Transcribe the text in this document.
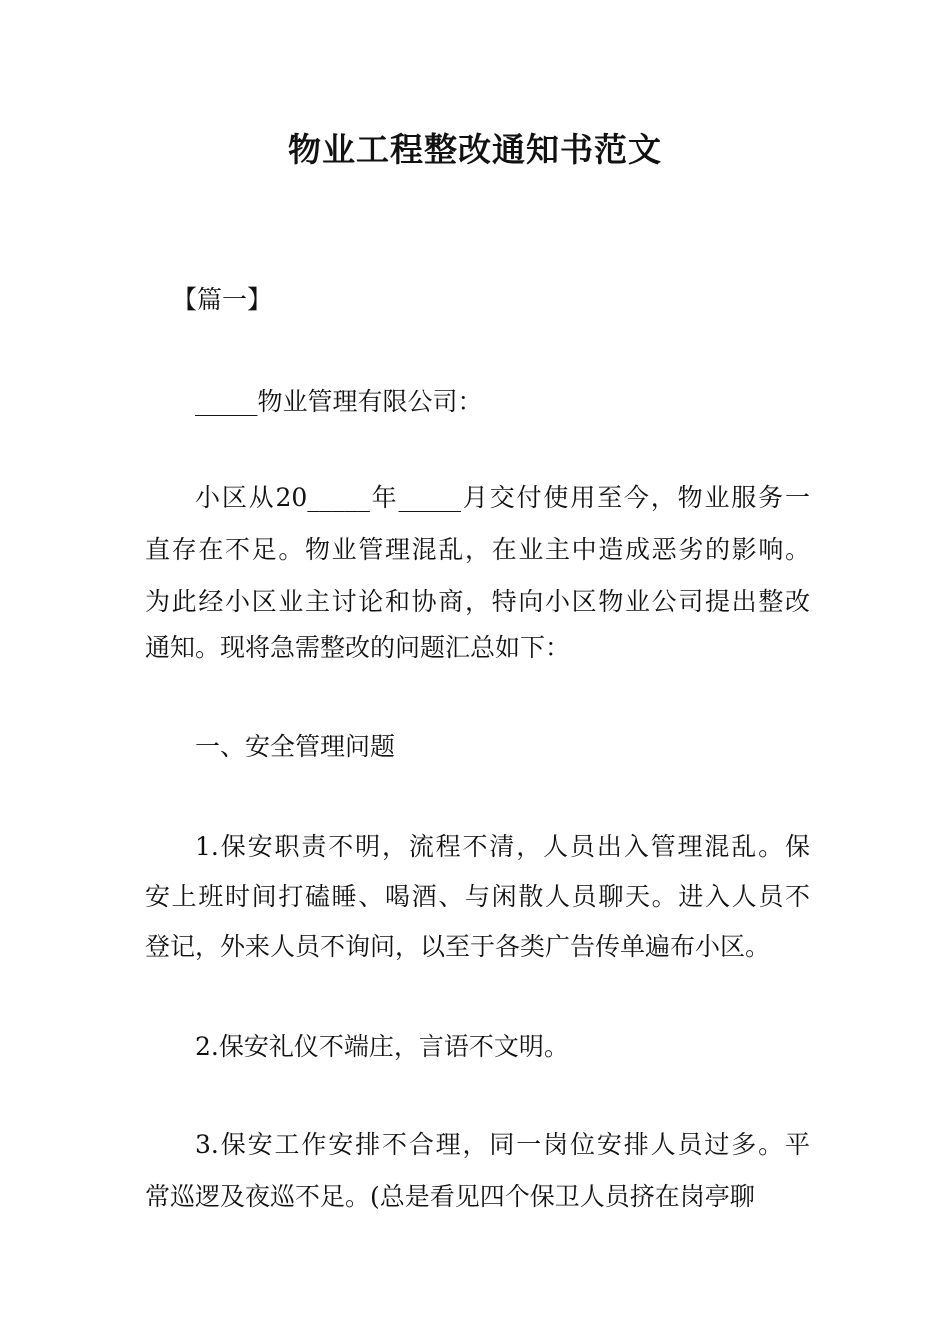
物业工程整改通知书范文

【篇一】

_____物业管理有限公司：

小区从20_____年_____月交付使用至今，物业服务一

直存在不足。物业管理混乱，在业主中造成恶劣的影响。

为此经小区业主讨论和协商，特向小区物业公司提出整改

通知。现将急需整改的问题汇总如下：

一、安全管理问题

1.保安职责不明，流程不清，人员出入管理混乱。保

安上班时间打磕睡、喝酒、与闲散人员聊天。进入人员不

登记，外来人员不询问，以至于各类广告传单遍布小区。

2.保安礼仪不端庄，言语不文明。

3.保安工作安排不合理，同一岗位安排人员过多。平

常巡逻及夜巡不足。(总是看见四个保卫人员挤在岗亭聊
